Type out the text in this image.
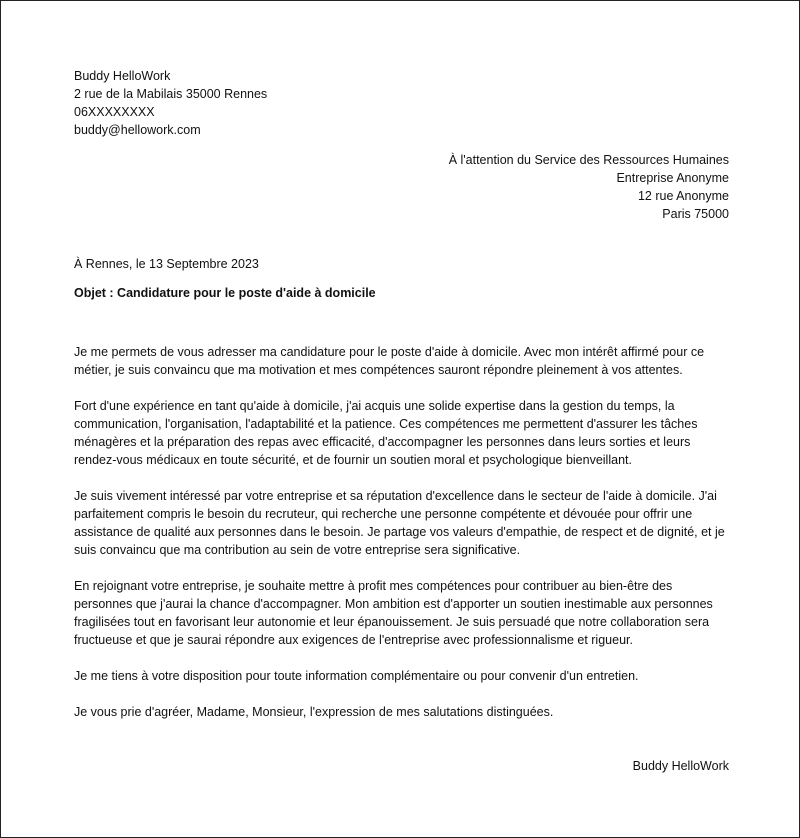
Buddy HelloWork
2 rue de la Mabilais 35000 Rennes
06XXXXXXXX
buddy@hellowork.com
À l'attention du Service des Ressources Humaines
Entreprise Anonyme
12 rue Anonyme
Paris 75000
À Rennes, le 13 Septembre 2023
Objet : Candidature pour le poste d'aide à domicile

Je me permets de vous adresser ma candidature pour le poste d'aide à domicile. Avec mon intérêt affirmé pour ce métier, je suis convaincu que ma motivation et mes compétences sauront répondre pleinement à vos attentes.

Fort d'une expérience en tant qu'aide à domicile, j'ai acquis une solide expertise dans la gestion du temps, la communication, l'organisation, l'adaptabilité et la patience. Ces compétences me permettent d'assurer les tâches ménagères et la préparation des repas avec efficacité, d'accompagner les personnes dans leurs sorties et leurs rendez-vous médicaux en toute sécurité, et de fournir un soutien moral et psychologique bienveillant.

Je suis vivement intéressé par votre entreprise et sa réputation d'excellence dans le secteur de l'aide à domicile. J'ai parfaitement compris le besoin du recruteur, qui recherche une personne compétente et dévouée pour offrir une assistance de qualité aux personnes dans le besoin. Je partage vos valeurs d'empathie, de respect et de dignité, et je suis convaincu que ma contribution au sein de votre entreprise sera significative.

En rejoignant votre entreprise, je souhaite mettre à profit mes compétences pour contribuer au bien-être des personnes que j'aurai la chance d'accompagner. Mon ambition est d'apporter un soutien inestimable aux personnes fragilisées tout en favorisant leur autonomie et leur épanouissement. Je suis persuadé que notre collaboration sera fructueuse et que je saurai répondre aux exigences de l'entreprise avec professionnalisme et rigueur.

Je me tiens à votre disposition pour toute information complémentaire ou pour convenir d'un entretien.

Je vous prie d'agréer, Madame, Monsieur, l'expression de mes salutations distinguées.

Buddy HelloWork
